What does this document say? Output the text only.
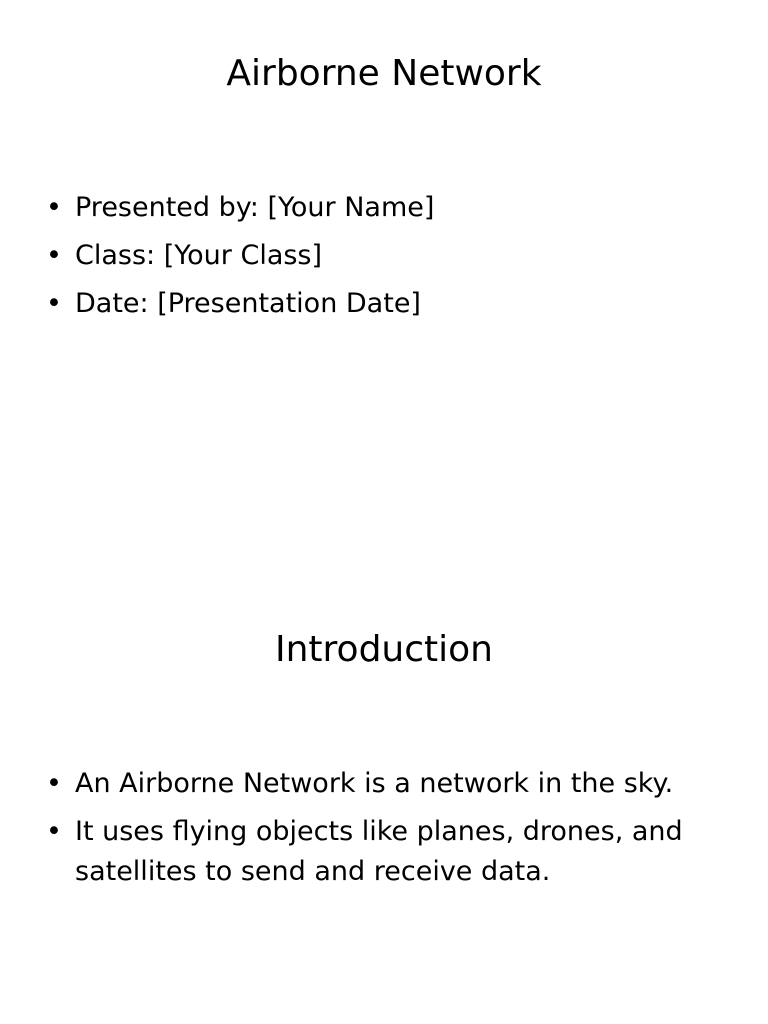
Airborne Network
• Presented by: [Your Name]
• Class: [Your Class]
• Date: [Presentation Date]
Introduction
• An Airborne Network is a network in the sky.
• It uses flying objects like planes, drones, and satellites to send and receive data.
